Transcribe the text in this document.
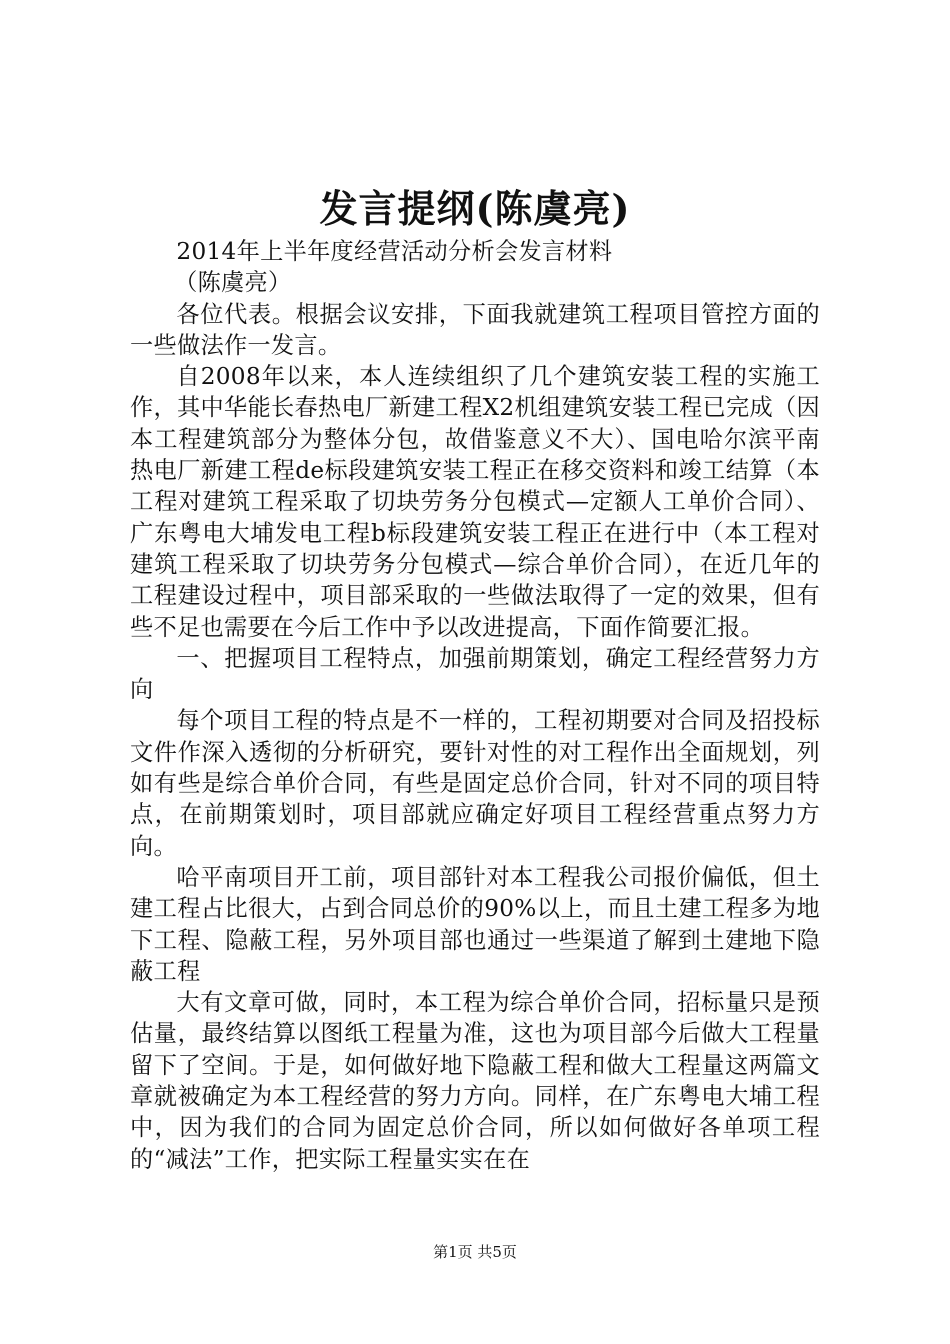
发言提纲(陈虞亮)

2014年上半年度经营活动分析会发言材料

（陈虞亮）

各位代表。根据会议安排，下面我就建筑工程项目管控方面的一些做法作一发言。

自2008年以来，本人连续组织了几个建筑安装工程的实施工作，其中华能长春热电厂新建工程X2机组建筑安装工程已完成（因本工程建筑部分为整体分包，故借鉴意义不大）、国电哈尔滨平南热电厂新建工程de标段建筑安装工程正在移交资料和竣工结算（本工程对建筑工程采取了切块劳务分包模式—定额人工单价合同）、广东粤电大埔发电工程b标段建筑安装工程正在进行中（本工程对建筑工程采取了切块劳务分包模式—综合单价合同），在近几年的工程建设过程中，项目部采取的一些做法取得了一定的效果，但有些不足也需要在今后工作中予以改进提高，下面作简要汇报。

一、把握项目工程特点，加强前期策划，确定工程经营努力方向

每个项目工程的特点是不一样的，工程初期要对合同及招投标文件作深入透彻的分析研究，要针对性的对工程作出全面规划，列如有些是综合单价合同，有些是固定总价合同，针对不同的项目特点，在前期策划时，项目部就应确定好项目工程经营重点努力方向。

哈平南项目开工前，项目部针对本工程我公司报价偏低，但土建工程占比很大，占到合同总价的90%以上，而且土建工程多为地下工程、隐蔽工程，另外项目部也通过一些渠道了解到土建地下隐蔽工程

大有文章可做，同时，本工程为综合单价合同，招标量只是预估量，最终结算以图纸工程量为准，这也为项目部今后做大工程量留下了空间。于是，如何做好地下隐蔽工程和做大工程量这两篇文章就被确定为本工程经营的努力方向。同样，在广东粤电大埔工程中，因为我们的合同为固定总价合同，所以如何做好各单项工程的“减法”工作，把实际工程量实实在在

第1页 共5页
